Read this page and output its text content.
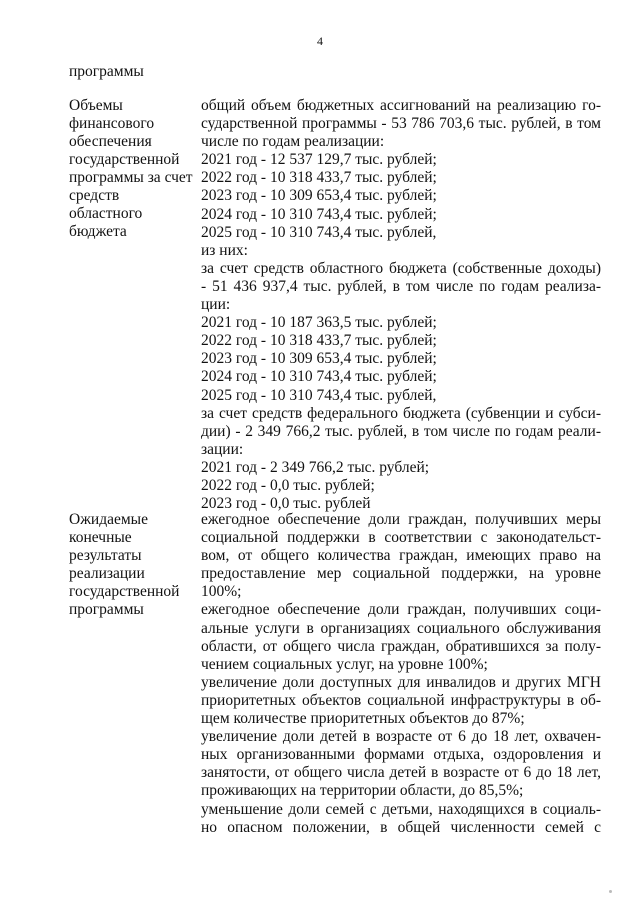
4
программы
Объемы
финансового
обеспечения
государственной
программы за счет
средств
областного
бюджета
общий объем бюджетных ассигнований на реализацию го-
сударственной программы - 53 786 703,6 тыс. рублей, в том
числе по годам реализации:
2021 год - 12 537 129,7 тыс. рублей;
2022 год - 10 318 433,7 тыс. рублей;
2023 год - 10 309 653,4 тыс. рублей;
2024 год - 10 310 743,4 тыс. рублей;
2025 год - 10 310 743,4 тыс. рублей,
из них:
за счет средств областного бюджета (собственные доходы)
- 51 436 937,4 тыс. рублей, в том числе по годам реализа-
ции:
2021 год - 10 187 363,5 тыс. рублей;
2022 год - 10 318 433,7 тыс. рублей;
2023 год - 10 309 653,4 тыс. рублей;
2024 год - 10 310 743,4 тыс. рублей;
2025 год - 10 310 743,4 тыс. рублей,
за счет средств федерального бюджета (субвенции и субси-
дии) - 2 349 766,2 тыс. рублей, в том числе по годам реали-
зации:
2021 год - 2 349 766,2 тыс. рублей;
2022 год - 0,0 тыс. рублей;
2023 год - 0,0 тыс. рублей
Ожидаемые
конечные
результаты
реализации
государственной
программы
ежегодное обеспечение доли граждан, получивших меры
социальной поддержки в соответствии с законодательст-
вом, от общего количества граждан, имеющих право на
предоставление мер социальной поддержки, на уровне
100%;
ежегодное обеспечение доли граждан, получивших соци-
альные услуги в организациях социального обслуживания
области, от общего числа граждан, обратившихся за полу-
чением социальных услуг, на уровне 100%;
увеличение доли доступных для инвалидов и других МГН
приоритетных объектов социальной инфраструктуры в об-
щем количестве приоритетных объектов до 87%;
увеличение доли детей в возрасте от 6 до 18 лет, охвачен-
ных организованными формами отдыха, оздоровления и
занятости, от общего числа детей в возрасте от 6 до 18 лет,
проживающих на территории области, до 85,5%;
уменьшение доли семей с детьми, находящихся в социаль-
но опасном положении, в общей численности семей с
